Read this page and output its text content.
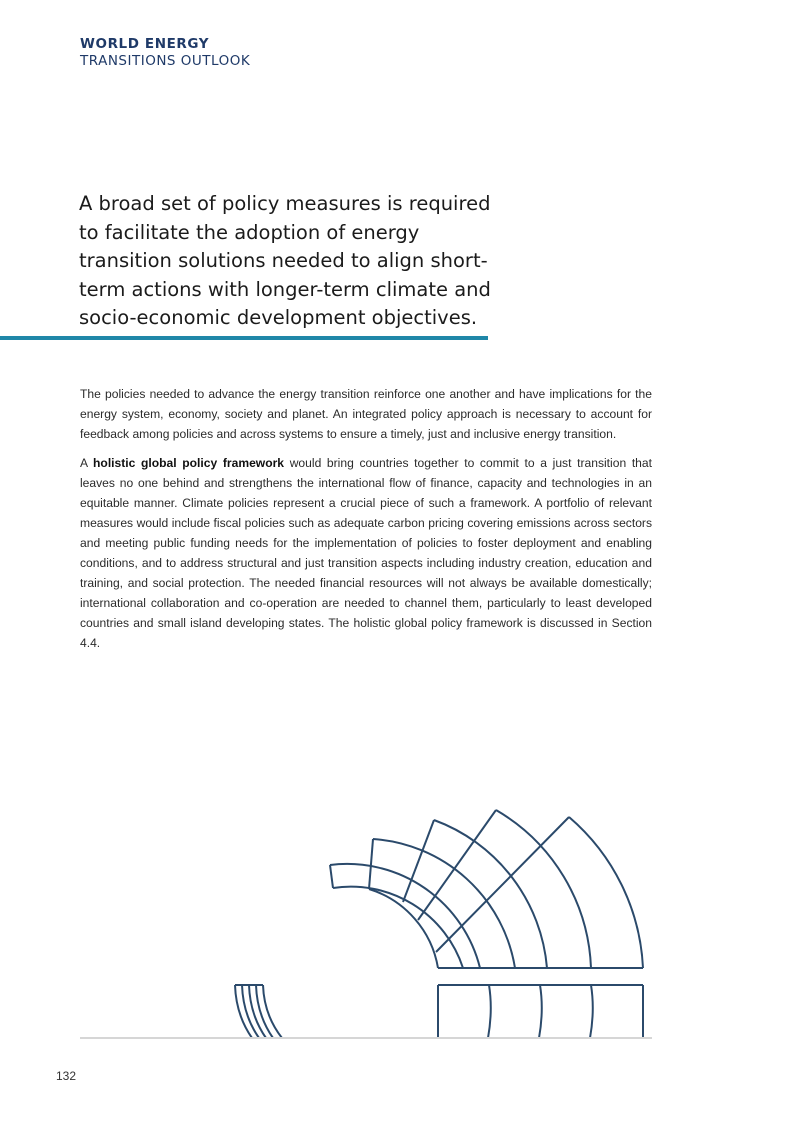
WORLD ENERGY
TRANSITIONS OUTLOOK
A broad set of policy measures is required to facilitate the adoption of energy transition solutions needed to align short-term actions with longer-term climate and socio-economic development objectives.

The policies needed to advance the energy transition reinforce one another and have implications for the energy system, economy, society and planet. An integrated policy approach is necessary to account for feedback among policies and across systems to ensure a timely, just and inclusive energy transition.

A holistic global policy framework would bring countries together to commit to a just transition that leaves no one behind and strengthens the international flow of finance, capacity and technologies in an equitable manner. Climate policies represent a crucial piece of such a framework. A portfolio of relevant measures would include fiscal policies such as adequate carbon pricing covering emissions across sectors and meeting public funding needs for the implementation of policies to foster deployment and enabling conditions, and to address structural and just transition aspects including industry creation, education and training, and social protection. The needed financial resources will not always be available domestically; international collaboration and co-operation are needed to channel them, particularly to least developed countries and small island developing states. The holistic global policy framework is discussed in Section 4.4.

132
